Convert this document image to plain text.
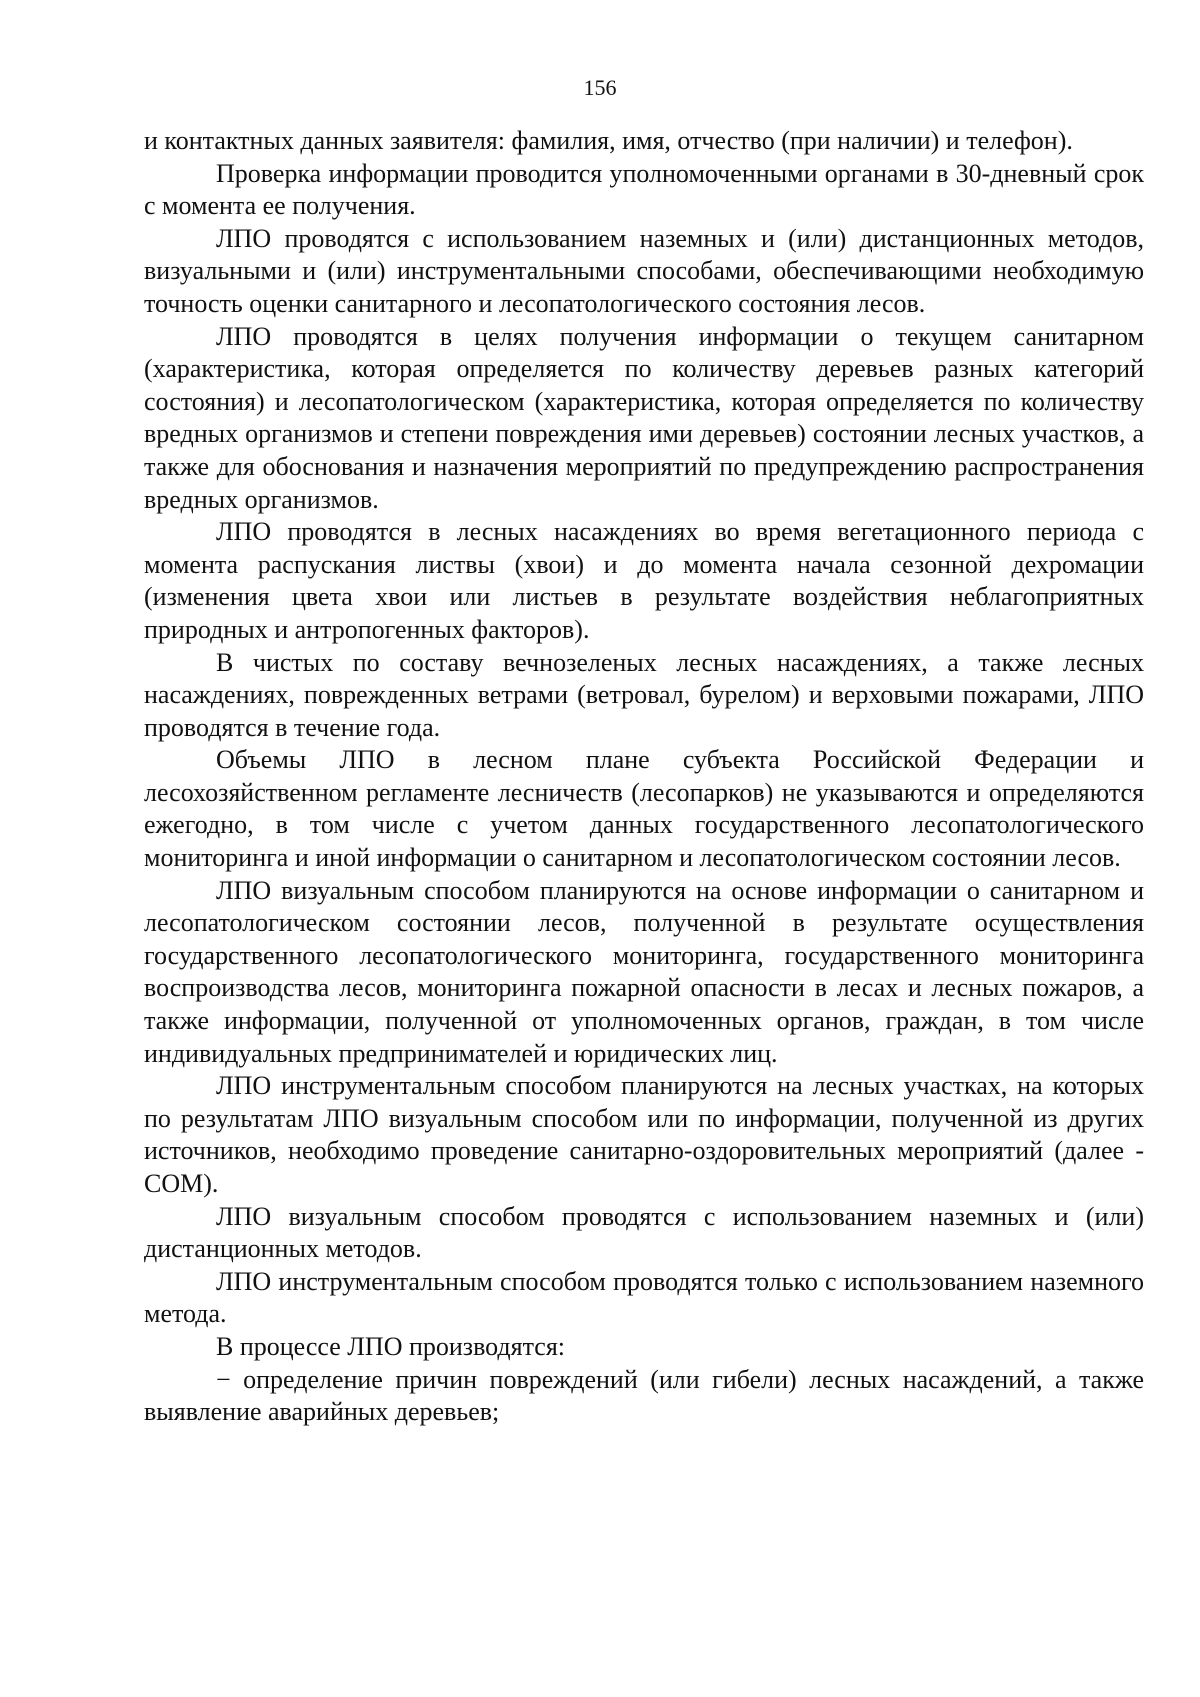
156

и контактных данных заявителя: фамилия, имя, отчество (при наличии) и телефон).

Проверка информации проводится уполномоченными органами в 30-дневный срок с момента ее получения.

ЛПО проводятся с использованием наземных и (или) дистанционных методов, визуальными и (или) инструментальными способами, обеспечивающими необходимую точность оценки санитарного и лесопатологического состояния лесов.

ЛПО проводятся в целях получения информации о текущем санитарном (характеристика, которая определяется по количеству деревьев разных категорий состояния) и лесопатологическом (характеристика, которая определяется по количеству вредных организмов и степени повреждения ими деревьев) состоянии лесных участков, а также для обоснования и назначения мероприятий по предупреждению распространения вредных организмов.

ЛПО проводятся в лесных насаждениях во время вегетационного периода с момента распускания листвы (хвои) и до момента начала сезонной дехромации (изменения цвета хвои или листьев в результате воздействия неблагоприятных природных и антропогенных факторов).

В чистых по составу вечнозеленых лесных насаждениях, а также лесных насаждениях, поврежденных ветрами (ветровал, бурелом) и верховыми пожарами, ЛПО проводятся в течение года.

Объемы ЛПО в лесном плане субъекта Российской Федерации и лесохозяйственном регламенте лесничеств (лесопарков) не указываются и определяются ежегодно, в том числе с учетом данных государственного лесопатологического мониторинга и иной информации о санитарном и лесопатологическом состоянии лесов.

ЛПО визуальным способом планируются на основе информации о санитарном и лесопатологическом состоянии лесов, полученной в результате осуществления государственного лесопатологического мониторинга, государственного мониторинга воспроизводства лесов, мониторинга пожарной опасности в лесах и лесных пожаров, а также информации, полученной от уполномоченных органов, граждан, в том числе индивидуальных предпринимателей и юридических лиц.

ЛПО инструментальным способом планируются на лесных участках, на которых по результатам ЛПО визуальным способом или по информации, полученной из других источников, необходимо проведение санитарно-оздоровительных мероприятий (далее - СОМ).

ЛПО визуальным способом проводятся с использованием наземных и (или) дистанционных методов.

ЛПО инструментальным способом проводятся только с использованием наземного метода.

В процессе ЛПО производятся:

− определение причин повреждений (или гибели) лесных насаждений, а также выявление аварийных деревьев;
